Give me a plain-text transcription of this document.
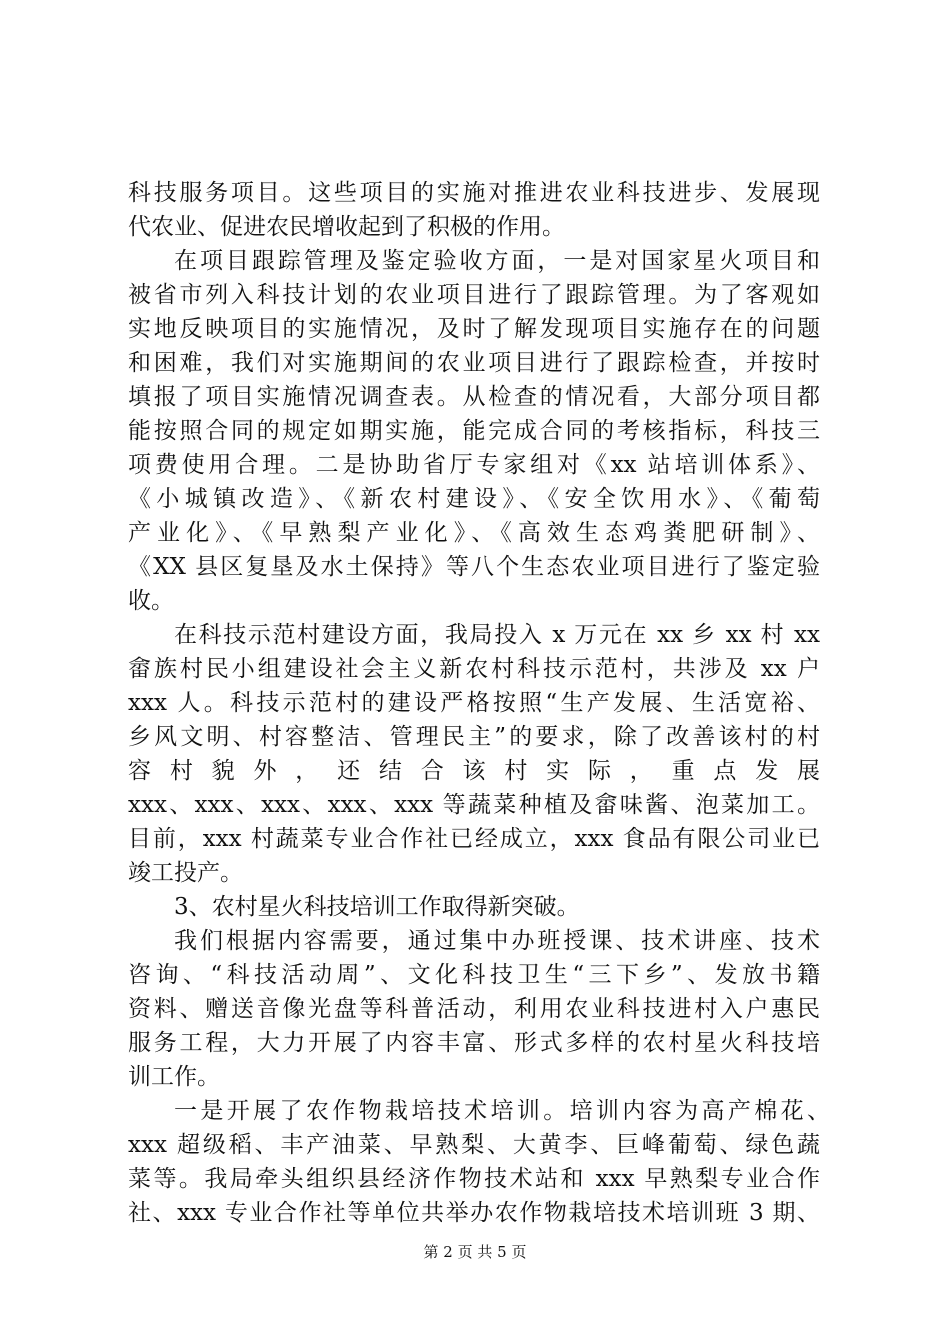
科技服务项目。这些项目的实施对推进农业科技进步、发展现
代农业、促进农民增收起到了积极的作用。
在项目跟踪管理及鉴定验收方面，一是对国家星火项目和
被省市列入科技计划的农业项目进行了跟踪管理。为了客观如
实地反映项目的实施情况，及时了解发现项目实施存在的问题
和困难，我们对实施期间的农业项目进行了跟踪检查，并按时
填报了项目实施情况调查表。从检查的情况看，大部分项目都
能按照合同的规定如期实施，能完成合同的考核指标，科技三
项费使用合理。二是协助省厅专家组对《xx 站培训体系》、
《小城镇改造》、《新农村建设》、《安全饮用水》、《葡萄
产业化》、《早熟梨产业化》、《高效生态鸡粪肥研制》、
《XX 县区复垦及水土保持》等八个生态农业项目进行了鉴定验
收。
在科技示范村建设方面，我局投入 x 万元在 xx 乡 xx 村 xx
畲族村民小组建设社会主义新农村科技示范村，共涉及 xx 户
xxx 人。科技示范村的建设严格按照“生产发展、生活宽裕、
乡风文明、村容整洁、管理民主”的要求，除了改善该村的村
容村貌外，还结合该村实际，重点发展
xxx、xxx、xxx、xxx、xxx 等蔬菜种植及畲味酱、泡菜加工。
目前，xxx 村蔬菜专业合作社已经成立，xxx 食品有限公司业已
竣工投产。
3、农村星火科技培训工作取得新突破。
我们根据内容需要，通过集中办班授课、技术讲座、技术
咨询、“科技活动周”、文化科技卫生“三下乡”、发放书籍
资料、赠送音像光盘等科普活动，利用农业科技进村入户惠民
服务工程，大力开展了内容丰富、形式多样的农村星火科技培
训工作。
一是开展了农作物栽培技术培训。培训内容为高产棉花、
xxx 超级稻、丰产油菜、早熟梨、大黄李、巨峰葡萄、绿色蔬
菜等。我局牵头组织县经济作物技术站和 xxx 早熟梨专业合作
社、xxx 专业合作社等单位共举办农作物栽培技术培训班 3 期、
第 2 页 共 5 页
